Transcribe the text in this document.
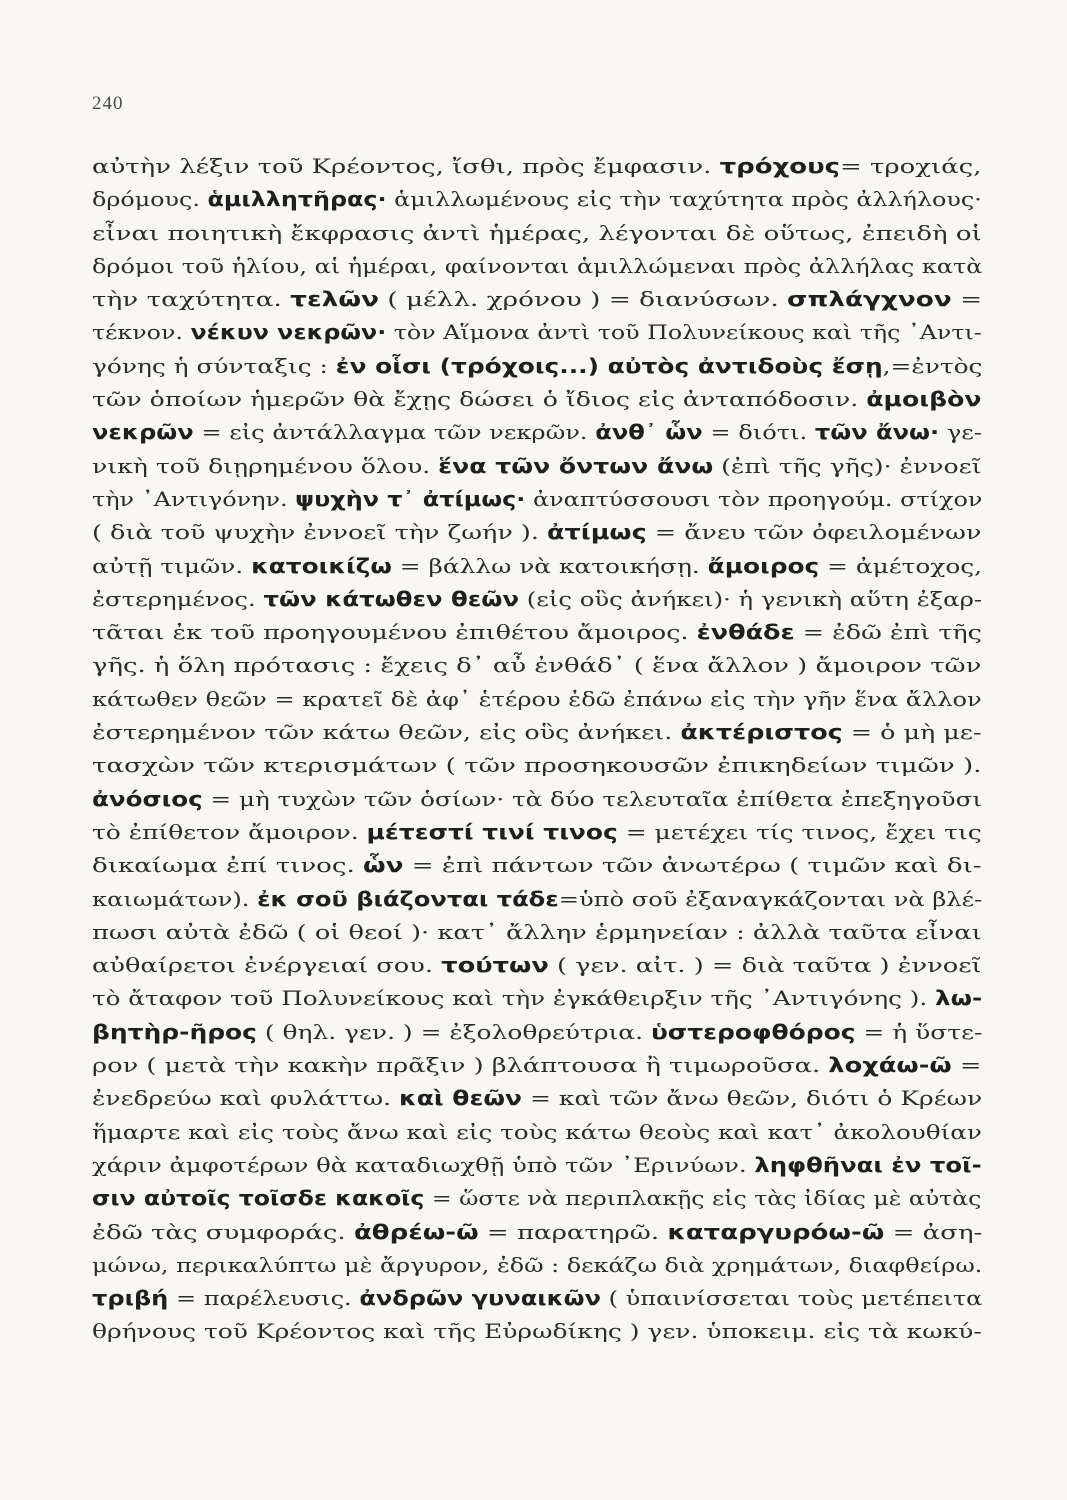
240
αὐτὴν λέξιν τοῦ Κρέοντος, ἴσθι, πρὸς ἔμφασιν. τρόχους= τροχιάς,
δρόμους. ἁμιλλητῆρας· ἁμιλλωμένους εἰς τὴν ταχύτητα πρὸς ἀλλήλους·
εἶναι ποιητικὴ ἔκφρασις ἀντὶ ἡμέρας, λέγονται δὲ οὕτως, ἐπειδὴ οἱ
δρόμοι τοῦ ἡλίου, αἱ ἡμέραι, φαίνονται ἁμιλλώμεναι πρὸς ἀλλήλας κατὰ
τὴν ταχύτητα. τελῶν ( μέλλ. χρόνου ) = διανύσων. σπλάγχνον =
τέκνον. νέκυν νεκρῶν· τὸν Αἵμονα ἀντὶ τοῦ Πολυνείκους καὶ τῆς ᾿Αντι-
γόνης ἡ σύνταξις : ἐν οἷσι (τρόχοις...) αὐτὸς ἀντιδοὺς ἔσῃ,=ἐντὸς
τῶν ὁποίων ἡμερῶν θὰ ἔχῃς δώσει ὁ ἴδιος εἰς ἀνταπόδοσιν. ἀμοιβὸν
νεκρῶν = εἰς ἀντάλλαγμα τῶν νεκρῶν. ἀνθ᾿ ὧν = διότι. τῶν ἄνω· γε-
νικὴ τοῦ διῃρημένου ὅλου. ἕνα τῶν ὄντων ἄνω (ἐπὶ τῆς γῆς)· ἐννοεῖ
τὴν ᾿Αντιγόνην. ψυχὴν τ᾿ ἀτίμως· ἀναπτύσσουσι τὸν προηγούμ. στίχον
( διὰ τοῦ ψυχὴν ἐννοεῖ τὴν ζωήν ). ἀτίμως = ἄνευ τῶν ὀφειλομένων
αὐτῇ τιμῶν. κατοικίζω = βάλλω νὰ κατοικήσῃ. ἄμοιρος = ἀμέτοχος,
ἐστερημένος. τῶν κάτωθεν θεῶν (εἰς οὓς ἀνήκει)· ἡ γενικὴ αὕτη ἐξαρ-
τᾶται ἐκ τοῦ προηγουμένου ἐπιθέτου ἄμοιρος. ἐνθάδε = ἐδῶ ἐπὶ τῆς
γῆς. ἡ ὅλη πρότασις : ἔχεις δ᾿ αὖ ἐνθάδ᾿ ( ἕνα ἄλλον ) ἄμοιρον τῶν
κάτωθεν θεῶν = κρατεῖ δὲ ἀφ᾿ ἑτέρου ἐδῶ ἐπάνω εἰς τὴν γῆν ἕνα ἄλλον
ἐστερημένον τῶν κάτω θεῶν, εἰς οὓς ἀνήκει. ἀκτέριστος = ὁ μὴ με-
τασχὼν τῶν κτερισμάτων ( τῶν προσηκουσῶν ἐπικηδείων τιμῶν ).
ἀνόσιος = μὴ τυχὼν τῶν ὁσίων· τὰ δύο τελευταῖα ἐπίθετα ἐπεξηγοῦσι
τὸ ἐπίθετον ἄμοιρον. μέτεστί τινί τινος = μετέχει τίς τινος, ἔχει τις
δικαίωμα ἐπί τινος. ὧν = ἐπὶ πάντων τῶν ἀνωτέρω ( τιμῶν καὶ δι-
καιωμάτων). ἐκ σοῦ βιάζονται τάδε=ὑπὸ σοῦ ἐξαναγκάζονται νὰ βλέ-
πωσι αὐτὰ ἐδῶ ( οἱ θεοί )· κατ᾿ ἄλλην ἑρμηνείαν : ἀλλὰ ταῦτα εἶναι
αὐθαίρετοι ἐνέργειαί σου. τούτων ( γεν. αἰτ. ) = διὰ ταῦτα ) ἐννοεῖ
τὸ ἄταφον τοῦ Πολυνείκους καὶ τὴν ἐγκάθειρξιν τῆς ᾿Αντιγόνης ). λω-
βητὴρ-ῆρος ( θηλ. γεν. ) = ἐξολοθρεύτρια. ὑστεροφθόρος = ἡ ὕστε-
ρον ( μετὰ τὴν κακὴν πρᾶξιν ) βλάπτουσα ἢ τιμωροῦσα. λοχάω-ῶ =
ἐνεδρεύω καὶ φυλάττω. καὶ θεῶν = καὶ τῶν ἄνω θεῶν, διότι ὁ Κρέων
ἥμαρτε καὶ εἰς τοὺς ἄνω καὶ εἰς τοὺς κάτω θεοὺς καὶ κατ᾿ ἀκολουθίαν
χάριν ἀμφοτέρων θὰ καταδιωχθῇ ὑπὸ τῶν ᾿Ερινύων. ληφθῆναι ἐν τοῖ-
σιν αὐτοῖς τοῖσδε κακοῖς = ὥστε νὰ περιπλακῇς εἰς τὰς ἰδίας μὲ αὐτὰς
ἐδῶ τὰς συμφοράς. ἀθρέω-ῶ = παρατηρῶ. καταργυρόω-ῶ = ἀση-
μώνω, περικαλύπτω μὲ ἄργυρον, ἐδῶ : δεκάζω διὰ χρημάτων, διαφθείρω.
τριβή = παρέλευσις. ἀνδρῶν γυναικῶν ( ὑπαινίσσεται τοὺς μετέπειτα
θρήνους τοῦ Κρέοντος καὶ τῆς Εὐρωδίκης ) γεν. ὑποκειμ. εἰς τὰ κωκύ-
